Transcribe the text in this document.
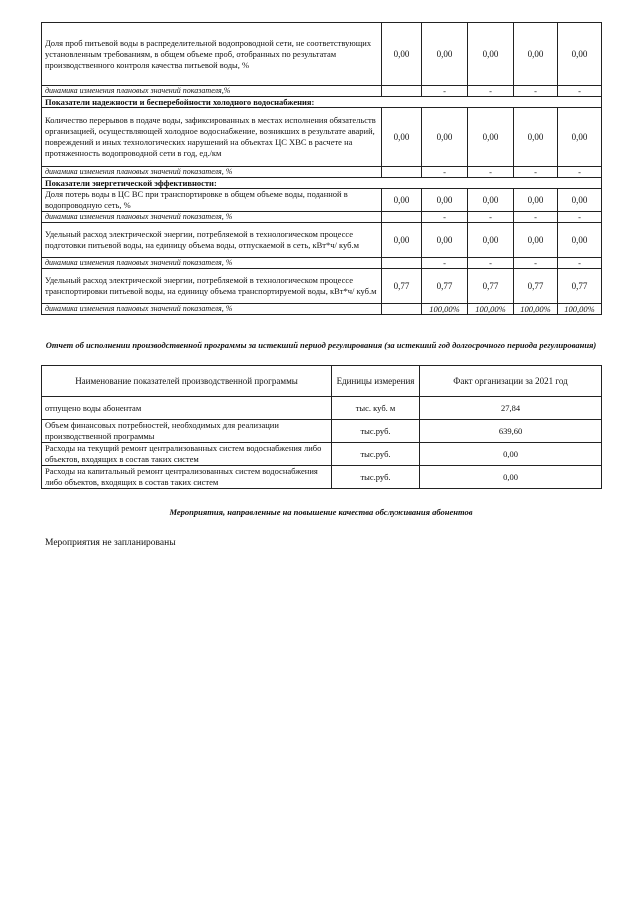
Доля проб питьевой воды в распределительной водопроводной сети, не соответствующих установленным требованиям, в общем объеме проб, отобранных по результатам производственного контроля качества питьевой воды, %	0,00	0,00	0,00	0,00	0,00
динамика изменения плановых значений показателя,%		-	-	-	-
Показатели надежности и бесперебойности холодного водоснабжения:					
Количество перерывов в подаче воды, зафиксированных в местах исполнения обязательств организацией, осуществляющей холодное водоснабжение, возникших в результате аварий, повреждений и иных технологических нарушений на объектах ЦС ХВС в расчете на протяженность водопроводной сети в год, ед./км	0,00	0,00	0,00	0,00	0,00
динамика изменения плановых значений показателя, %		-	-	-	-
Показатели энергетической эффективности:					
Доля потерь воды в ЦС ВС при транспортировке в общем объеме воды, поданной в водопроводную сеть, %	0,00	0,00	0,00	0,00	0,00
динамика изменения плановых значений показателя, %		-	-	-	-
Удельный расход электрической энергии, потребляемой в технологическом процессе подготовки питьевой воды, на единицу объема воды, отпускаемой в сеть, кВт*ч/ куб.м	0,00	0,00	0,00	0,00	0,00
динамика изменения плановых значений показателя, %		-	-	-	-
Удельный расход электрической энергии, потребляемой в технологическом процессе транспортировки питьевой воды, на единицу объема транспортируемой воды, кВт*ч/ куб.м	0,77	0,77	0,77	0,77	0,77
динамика изменения плановых значений показателя, %		100,00%	100,00%	100,00%	100,00%
Отчет об исполнении производственной программы за истекший период регулирования (за истекший год долгосрочного периода регулирования)
Наименование показателей производственной программы	Единицы измерения	Факт организации за 2021 год
отпущено воды абонентам	тыс. куб. м	27,84
Объем финансовых потребностей, необходимых для реализации производственной программы	тыс.руб.	639,60
Расходы на текущий ремонт централизованных систем водоснабжения либо объектов, входящих в состав таких систем	тыс.руб.	0,00
Расходы на капитальный ремонт централизованных систем водоснабжения либо объектов, входящих в состав таких систем	тыс.руб.	0,00
Мероприятия, направленные на повышение качества обслуживания абонентов
Мероприятия не запланированы
